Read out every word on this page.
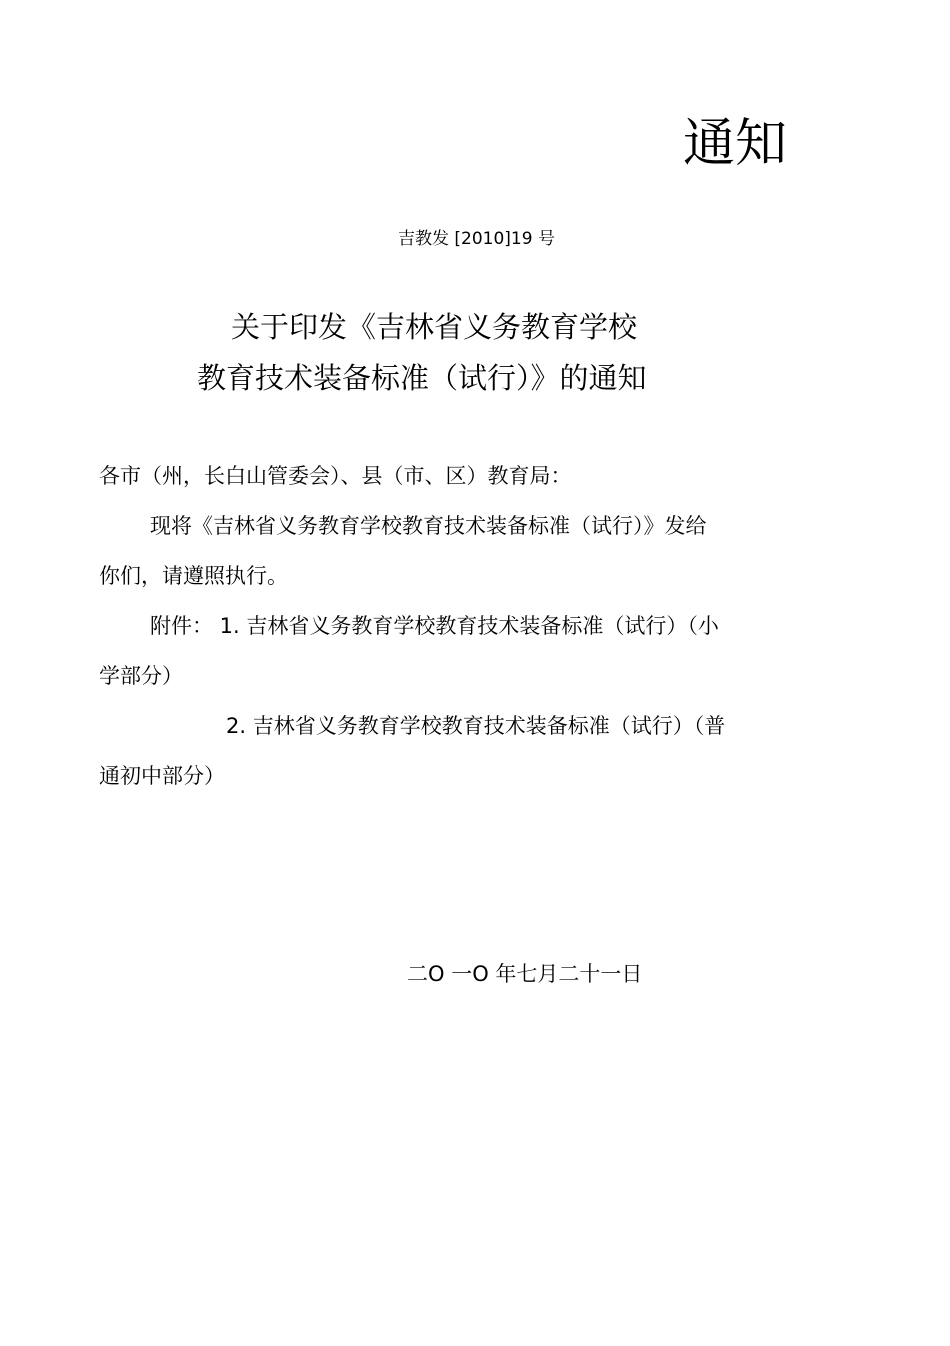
通知
吉教发 [2010]19 号
关于印发《吉林省义务教育学校
教育技术装备标准（试行）》的通知
各市（州，长白山管委会）、县（市、区）教育局：
现将《吉林省义务教育学校教育技术装备标准（试行）》发给
你们，请遵照执行。
附件： 1. 吉林省义务教育学校教育技术装备标准（试行）（小
学部分）
2. 吉林省义务教育学校教育技术装备标准（试行）（普
通初中部分）
二O 一O 年七月二十一日
